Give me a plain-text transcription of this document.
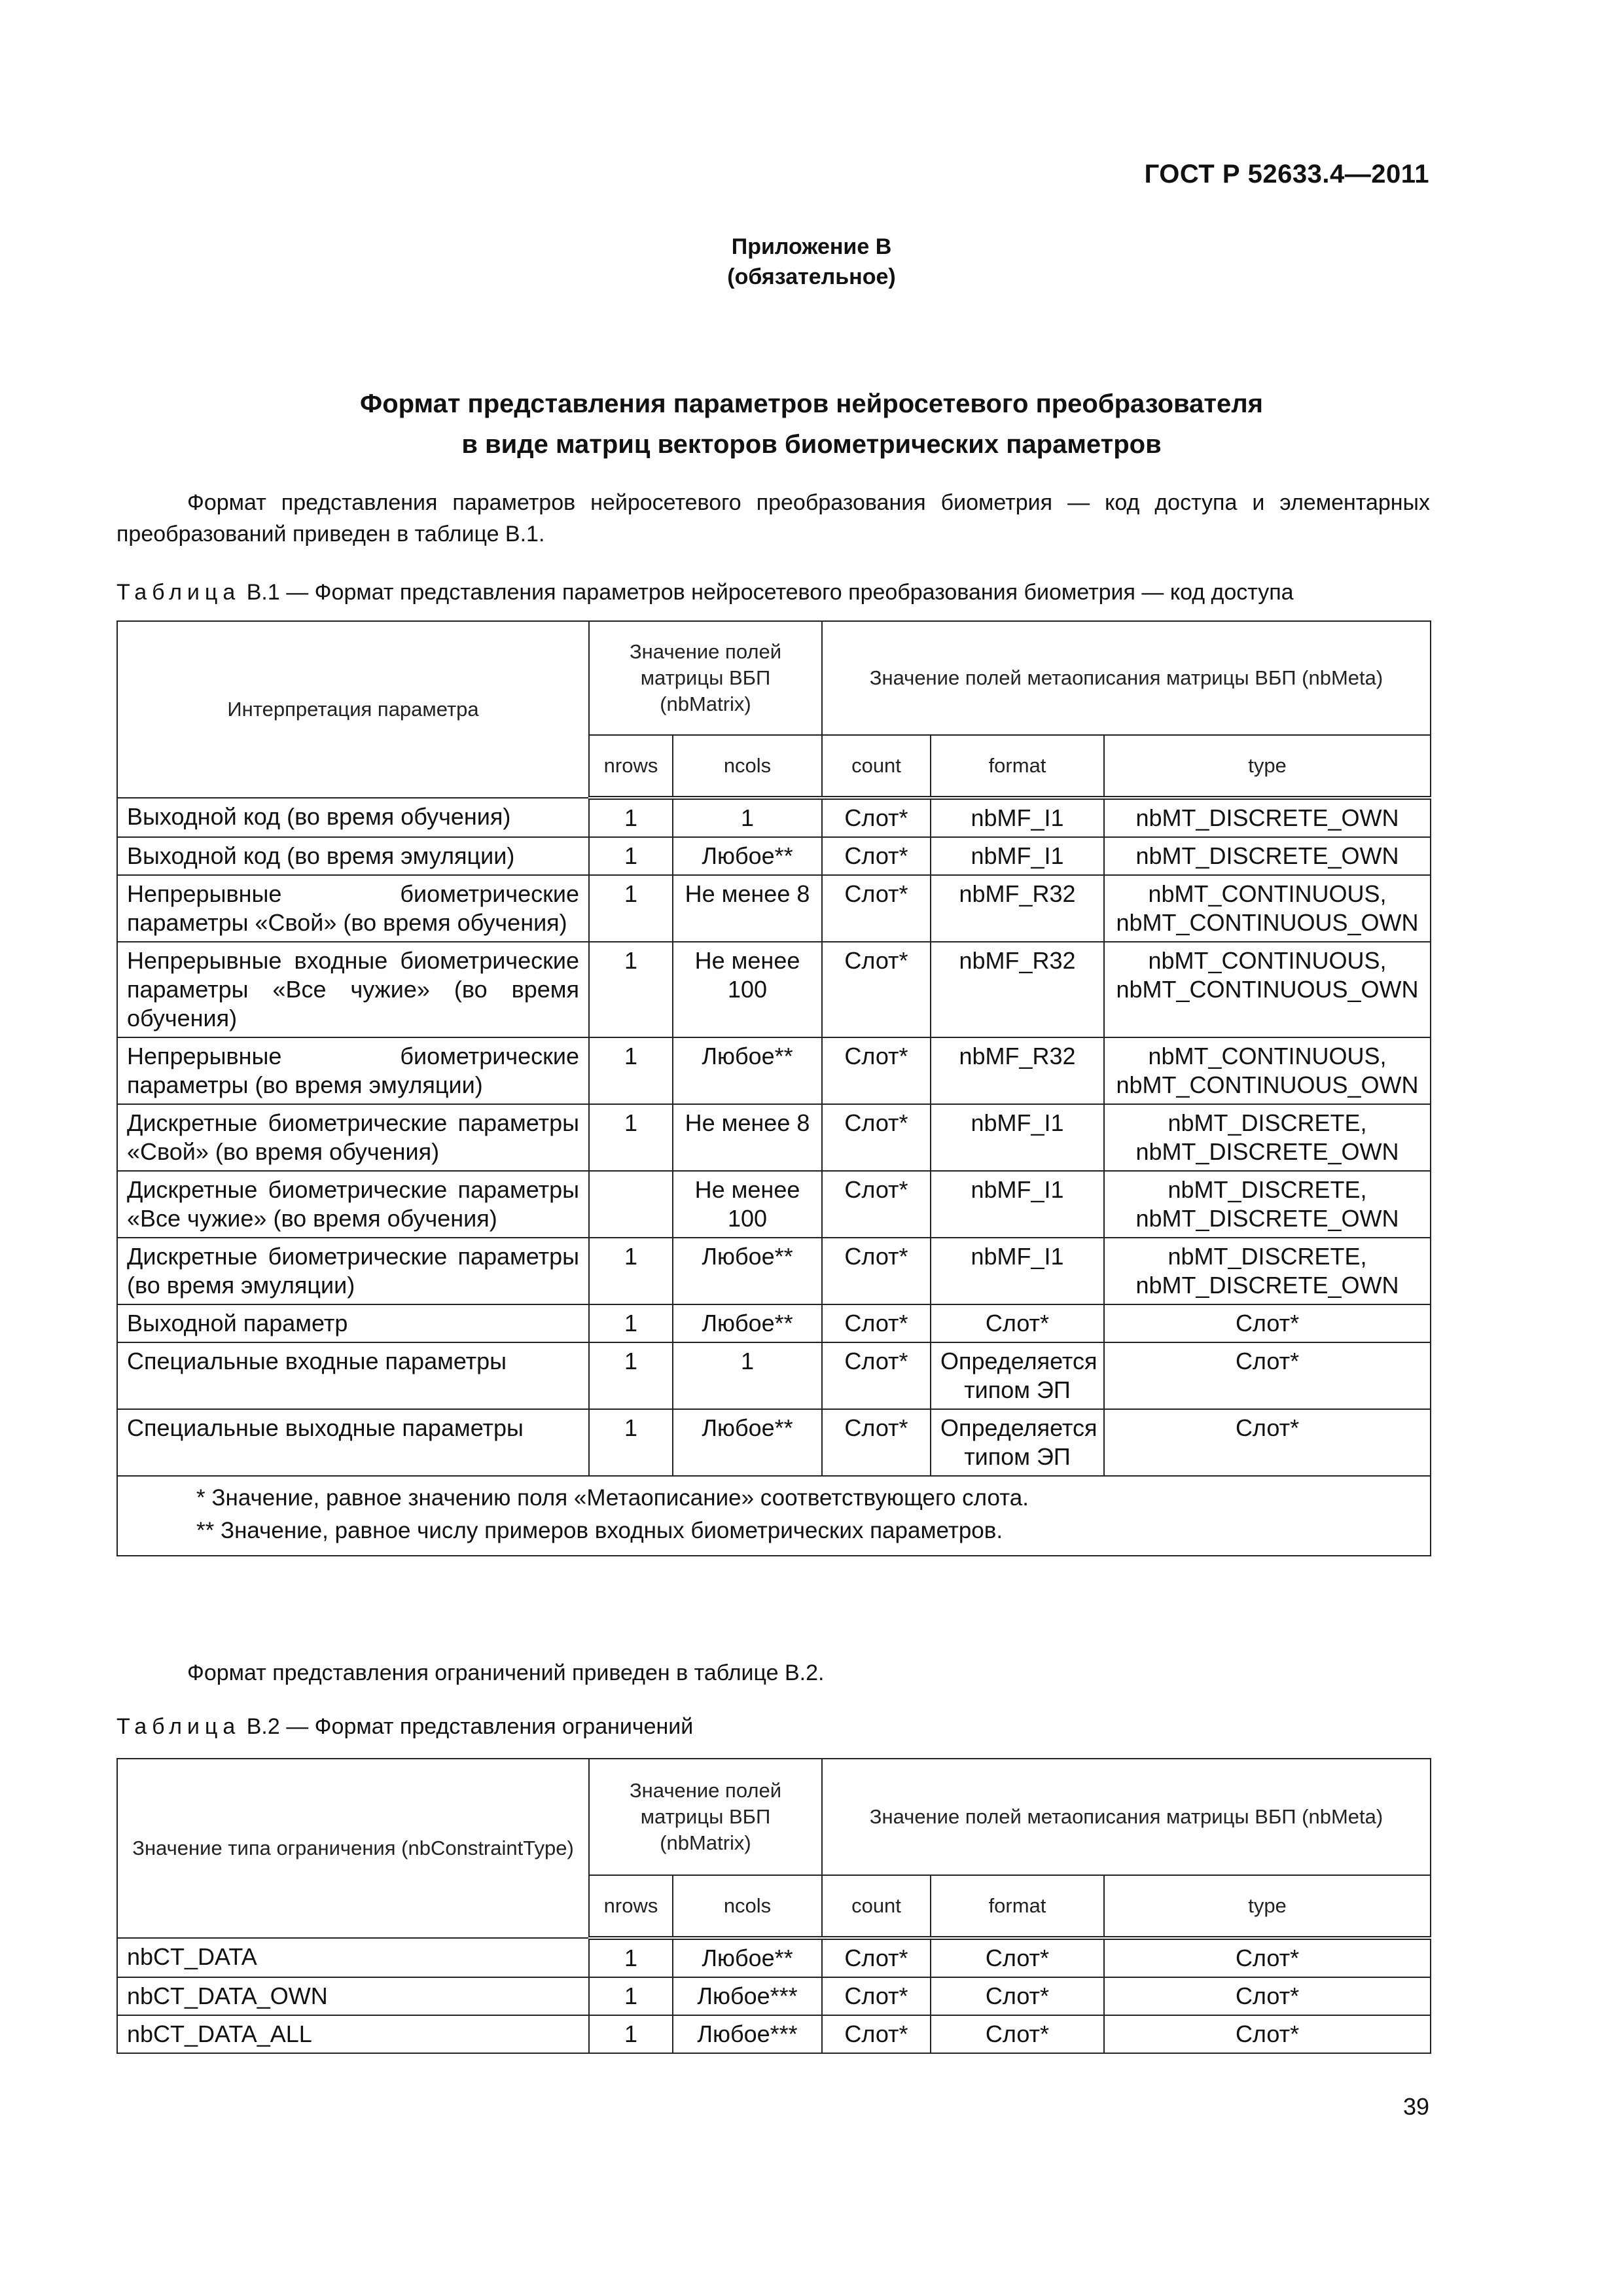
ГОСТ Р 52633.4—2011
Приложение В
(обязательное)
Формат представления параметров нейросетевого преобразователя
в виде матриц векторов биометрических параметров
Формат представления параметров нейросетевого преобразования биометрия — код доступа и элементарных преобразований приведен в таблице В.1.
Таблица В.1 — Формат представления параметров нейросетевого преобразования биометрия — код доступа
Интерпретация параметра	Значение полей матрицы ВБП (nbMatrix)		Значение полей метаописания матрицы ВБП (nbMeta)		
	nrows	ncols	count	format	type
Выходной код (во время обучения)	1	1	Слот*	nbMF_I1	nbMT_DISCRETE_OWN
Выходной код (во время эмуляции)	1	Любое**	Слот*	nbMF_I1	nbMT_DISCRETE_OWN
Непрерывные биометрические параметры «Свой» (во время обучения)	1	Не менее 8	Слот*	nbMF_R32	nbMT_CONTINUOUS, nbMT_CONTINUOUS_OWN
Непрерывные входные биометрические параметры «Все чужие» (во время обучения)	1	Не менее 100	Слот*	nbMF_R32	nbMT_CONTINUOUS, nbMT_CONTINUOUS_OWN
Непрерывные биометрические параметры (во время эмуляции)	1	Любое**	Слот*	nbMF_R32	nbMT_CONTINUOUS, nbMT_CONTINUOUS_OWN
Дискретные биометрические параметры «Свой» (во время обучения)	1	Не менее 8	Слот*	nbMF_I1	nbMT_DISCRETE, nbMT_DISCRETE_OWN
Дискретные биометрические параметры «Все чужие» (во время обучения)		Не менее 100	Слот*	nbMF_I1	nbMT_DISCRETE, nbMT_DISCRETE_OWN
Дискретные биометрические параметры (во время эмуляции)	1	Любое**	Слот*	nbMF_I1	nbMT_DISCRETE, nbMT_DISCRETE_OWN
Выходной параметр	1	Любое**	Слот*	Слот*	Слот*
Специальные входные параметры	1	1	Слот*	Определяется типом ЭП	Слот*
Специальные выходные параметры	1	Любое**	Слот*	Определяется типом ЭП	Слот*

* Значение, равное значению поля «Метаописание» соответствующего слота.
** Значение, равное числу примеров входных биометрических параметров.					
Формат представления ограничений приведен в таблице В.2.
Таблица В.2 — Формат представления ограничений
Значение типа ограничения (nbConstraintType)	Значение полей матрицы ВБП (nbMatrix)		Значение полей метаописания матрицы ВБП (nbMeta)		
	nrows	ncols	count	format	type
nbCT_DATA	1	Любое**	Слот*	Слот*	Слот*
nbCT_DATA_OWN	1	Любое***	Слот*	Слот*	Слот*
nbCT_DATA_ALL	1	Любое***	Слот*	Слот*	Слот*
39
